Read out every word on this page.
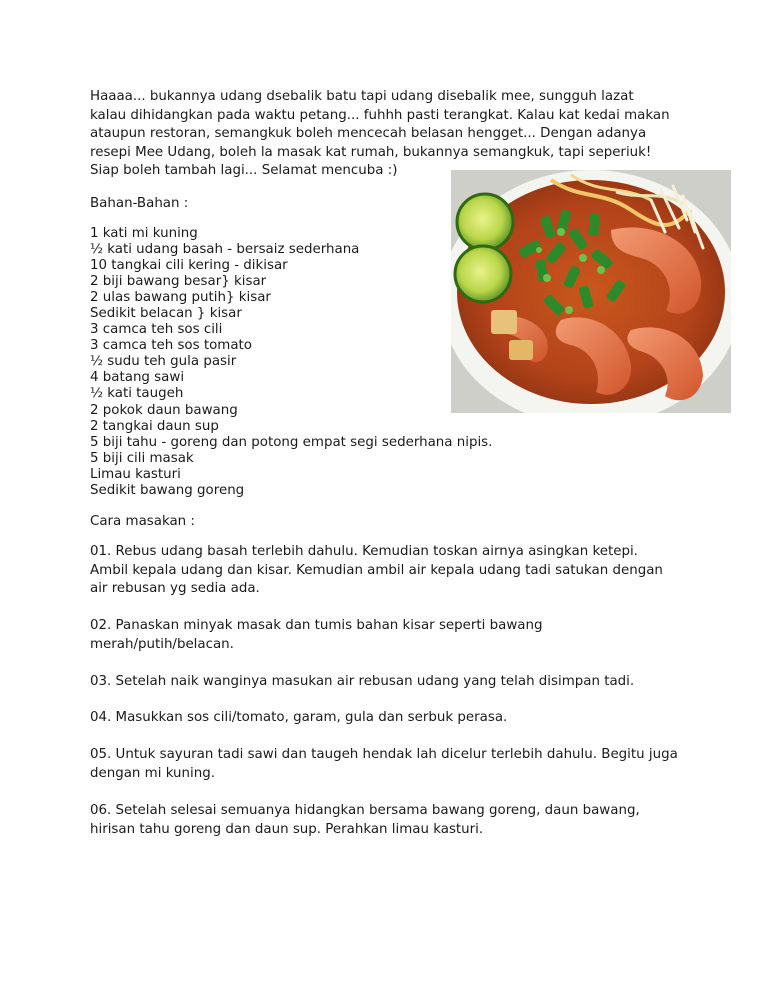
Haaaa... bukannya udang dsebalik batu tapi udang disebalik mee, sungguh lazat kalau dihidangkan pada waktu petang... fuhhh pasti terangkat. Kalau kat kedai makan ataupun restoran, semangkuk boleh mencecah belasan hengget... Dengan adanya resepi Mee Udang, boleh la masak kat rumah, bukannya semangkuk, tapi seperiuk! Siap boleh tambah lagi... Selamat mencuba :)

Bahan-Bahan :
1 kati mi kuning
½ kati udang basah - bersaiz sederhana
10 tangkai cili kering - dikisar
2 biji bawang besar} kisar
2 ulas bawang putih} kisar
Sedikit belacan } kisar
3 camca teh sos cili
3 camca teh sos tomato
½ sudu teh gula pasir
4 batang sawi
½ kati taugeh
2 pokok daun bawang
2 tangkai daun sup
5 biji tahu - goreng dan potong empat segi sederhana nipis.
5 biji cili masak
Limau kasturi
Sedikit bawang goreng
Cara masakan :

01. Rebus udang basah terlebih dahulu. Kemudian toskan airnya asingkan ketepi. Ambil kepala udang dan kisar. Kemudian ambil air kepala udang tadi satukan dengan air rebusan yg sedia ada.

02. Panaskan minyak masak dan tumis bahan kisar seperti bawang merah/putih/belacan.

03. Setelah naik wanginya masukan air rebusan udang yang telah disimpan tadi.

04. Masukkan sos cili/tomato, garam, gula dan serbuk perasa.

05. Untuk sayuran tadi sawi dan taugeh hendak lah dicelur terlebih dahulu. Begitu juga dengan mi kuning.

06. Setelah selesai semuanya hidangkan bersama bawang goreng, daun bawang, hirisan tahu goreng dan daun sup. Perahkan limau kasturi.
